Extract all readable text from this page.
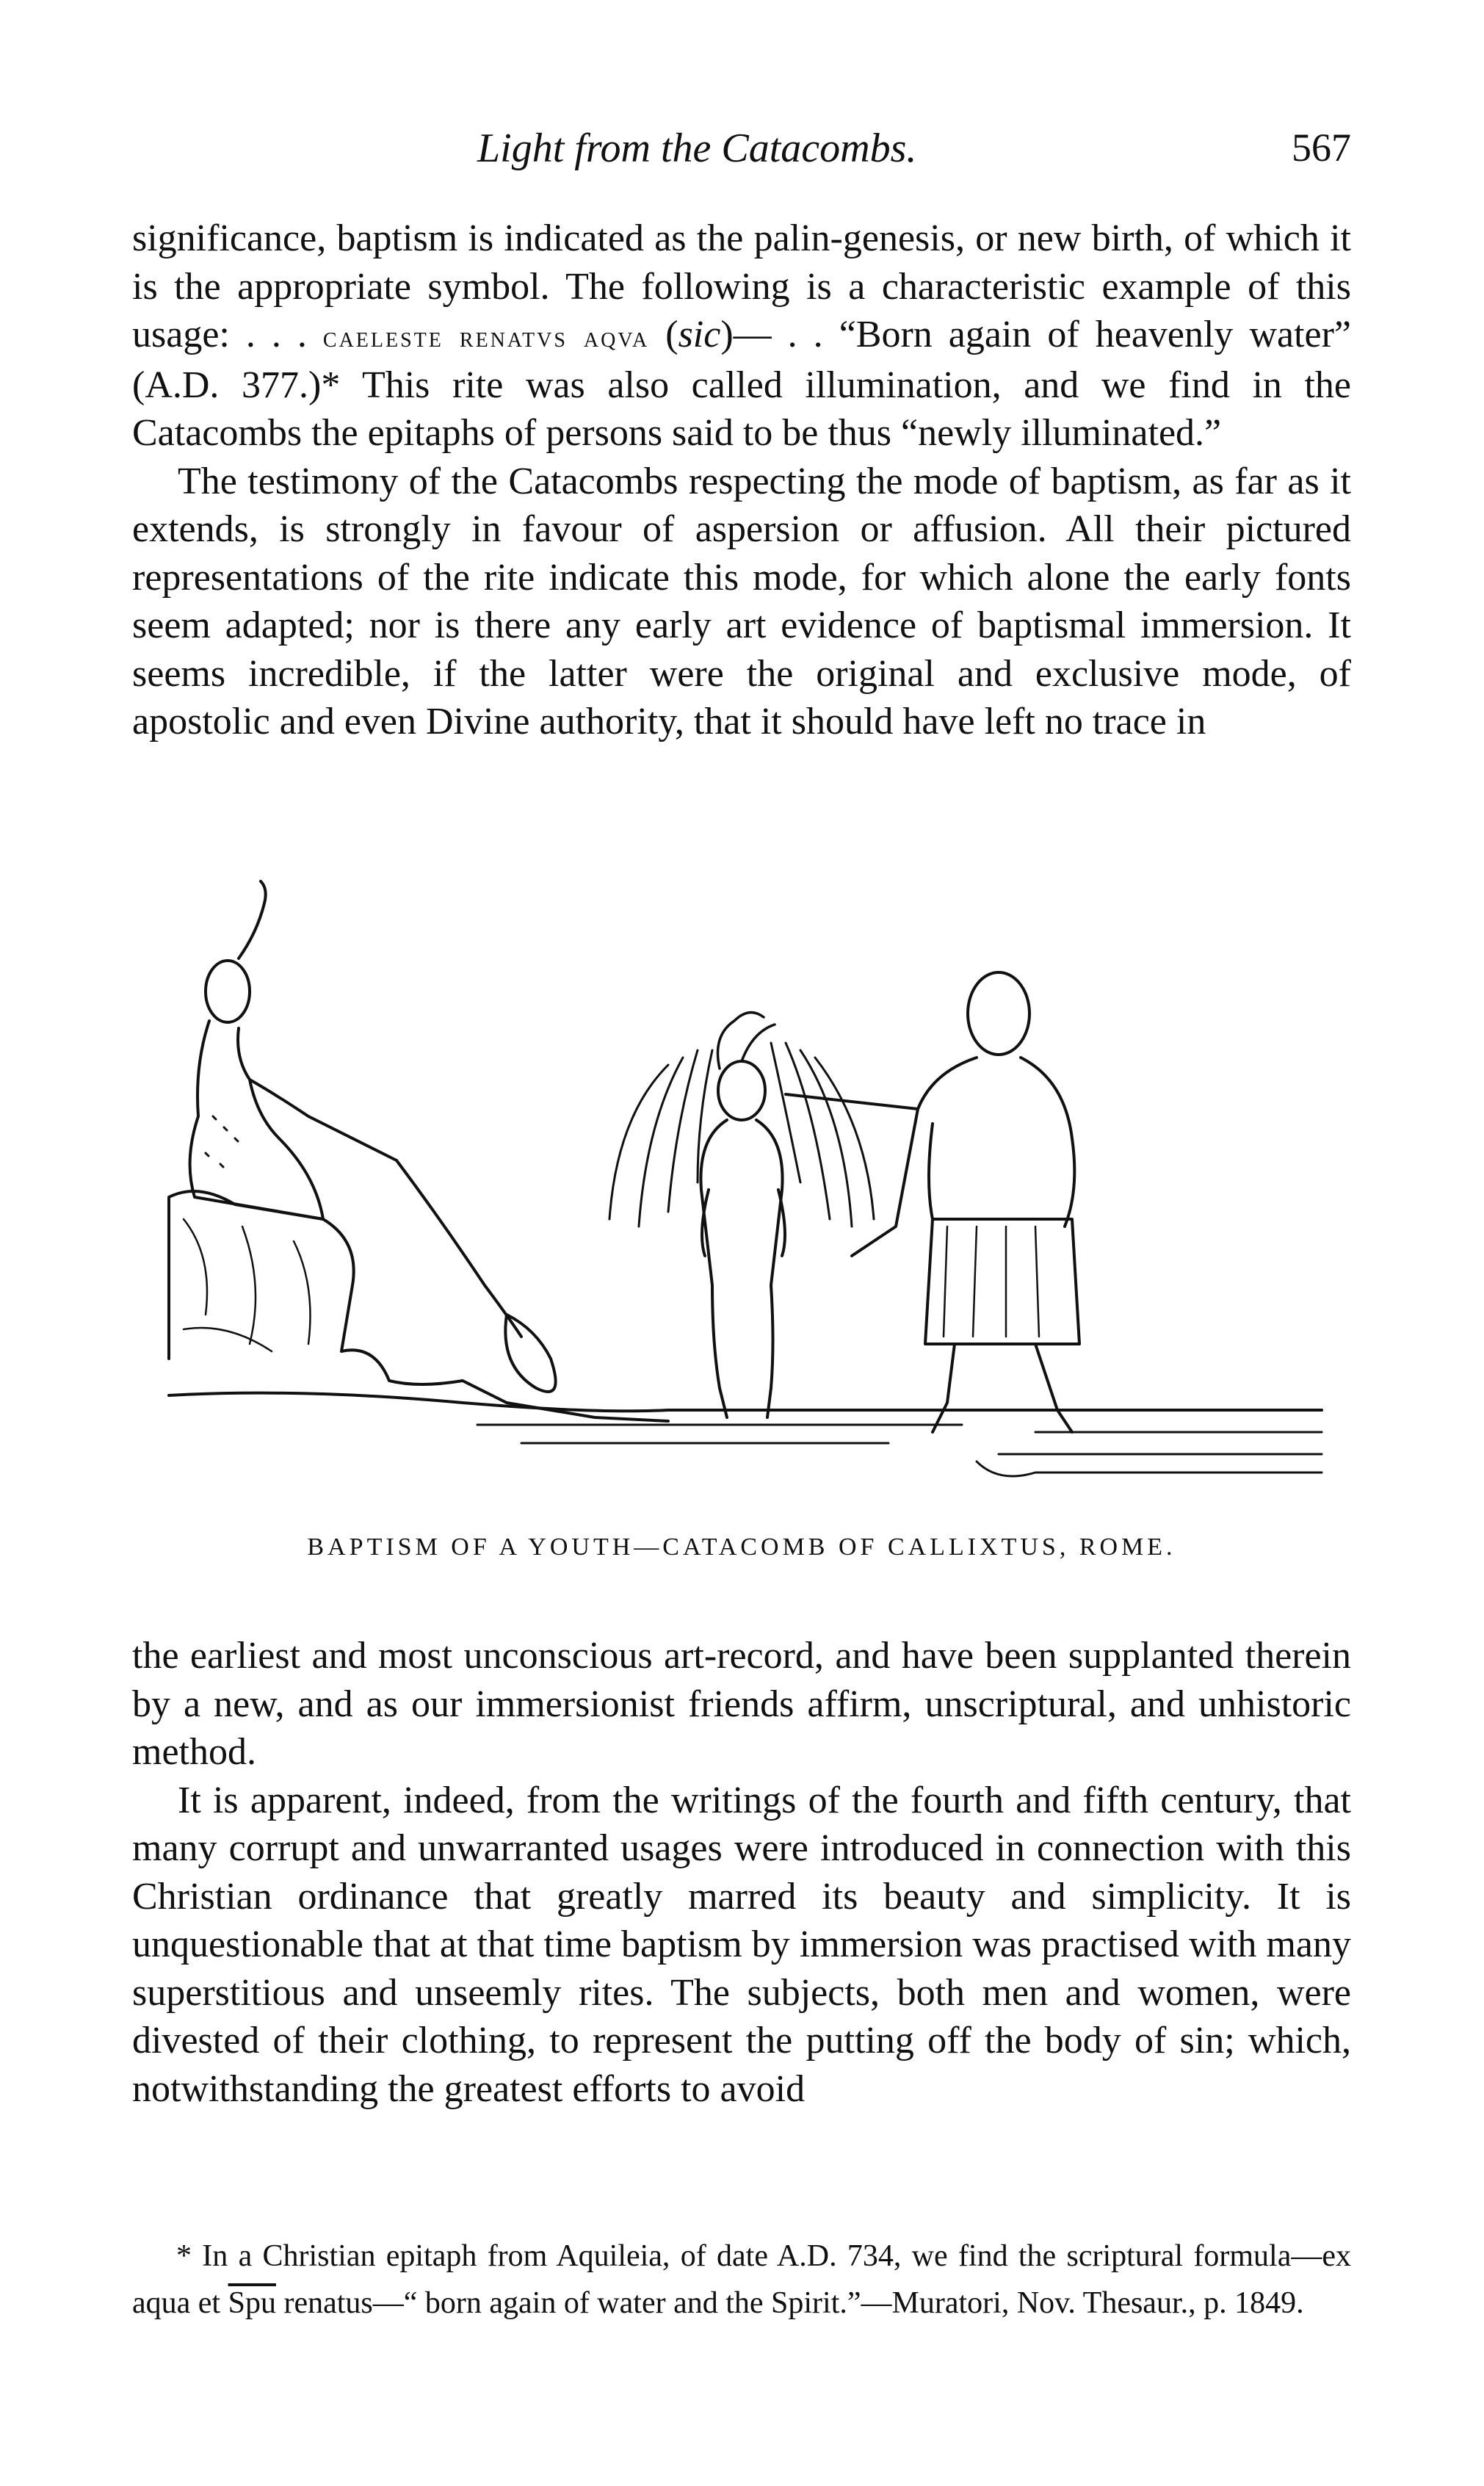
Light from the Catacombs.	567

significance, baptism is indicated as the palin-genesis, or new birth, of which it is the appropriate symbol. The following is a characteristic example of this usage: . . . caeleste renatvs aqva (sic)— . . “Born again of heavenly water” (A.D. 377.)* This rite was also called illumination, and we find in the Catacombs the epitaphs of persons said to be thus “newly illuminated.”

The testimony of the Catacombs respecting the mode of baptism, as far as it extends, is strongly in favour of aspersion or affusion. All their pictured representations of the rite indicate this mode, for which alone the early fonts seem adapted; nor is there any early art evidence of baptismal immersion. It seems incredible, if the latter were the original and exclusive mode, of apostolic and even Divine authority, that it should have left no trace in

BAPTISM OF A YOUTH—CATACOMB OF CALLIXTUS, ROME.

the earliest and most unconscious art-record, and have been supplanted therein by a new, and as our immersionist friends affirm, unscriptural, and unhistoric method.

It is apparent, indeed, from the writings of the fourth and fifth century, that many corrupt and unwarranted usages were introduced in connection with this Christian ordinance that greatly marred its beauty and simplicity. It is unquestionable that at that time baptism by immersion was practised with many superstitious and unseemly rites. The subjects, both men and women, were divested of their clothing, to represent the putting off the body of sin; which, notwithstanding the greatest efforts to avoid

* In a Christian epitaph from Aquileia, of date A.D. 734, we find the scriptural formula—ex aqua et $\overline{Spu}$ renatus—“ born again of water and the Spirit.”—Muratori, Nov. Thesaur., p. 1849.
